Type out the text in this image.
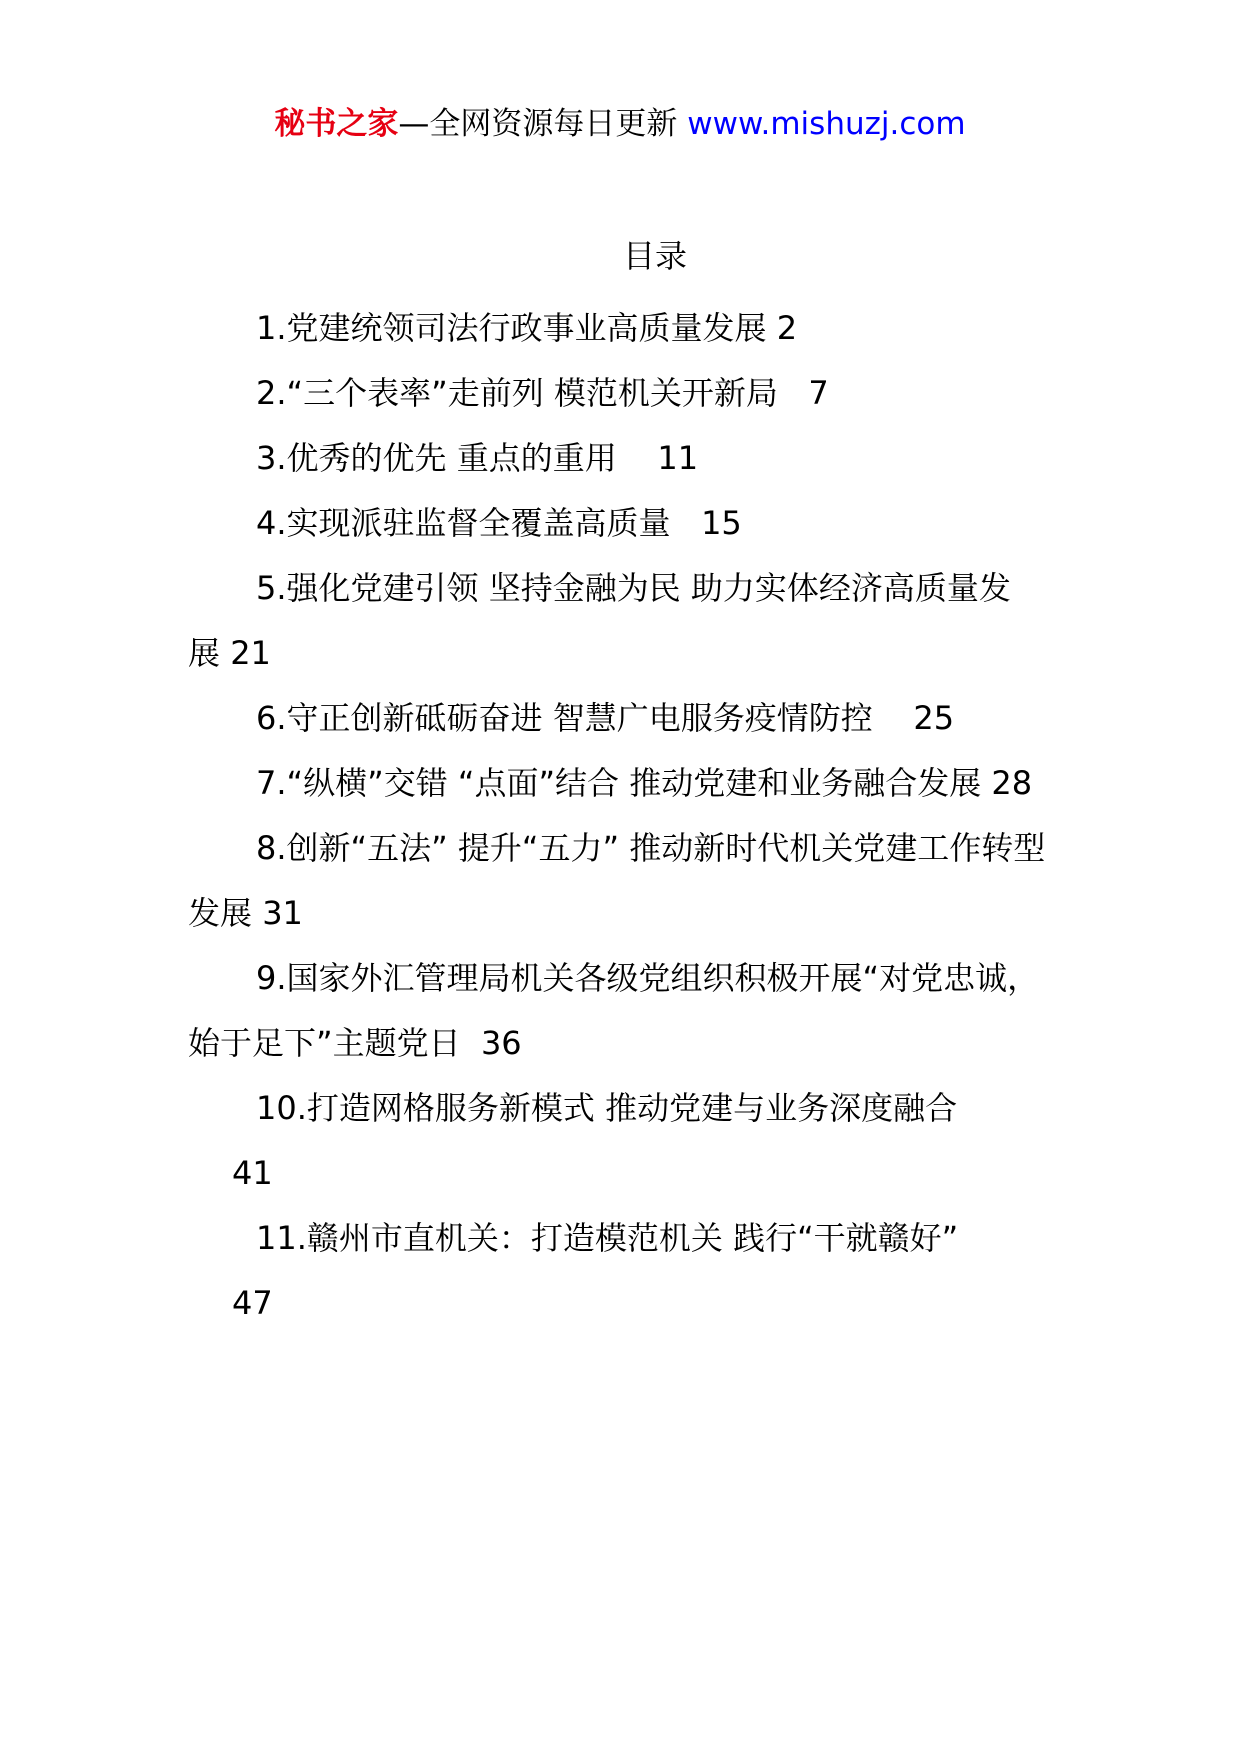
秘书之家—全网资源每日更新 www.mishuzj.com
目录
1.党建统领司法行政事业高质量发展 2
2.“三个表率”走前列 模范机关开新局   7
3.优秀的优先 重点的重用    11
4.实现派驻监督全覆盖高质量   15
5.强化党建引领 坚持金融为民 助力实体经济高质量发展 21
6.守正创新砥砺奋进 智慧广电服务疫情防控    25
7.“纵横”交错 “点面”结合 推动党建和业务融合发展 28
8.创新“五法” 提升“五力” 推动新时代机关党建工作转型发展 31
9.国家外汇管理局机关各级党组织积极开展“对党忠诚，始于足下”主题党日  36
10.打造网格服务新模式 推动党建与业务深度融合
41
11.赣州市直机关：打造模范机关 践行“干就赣好”
47
